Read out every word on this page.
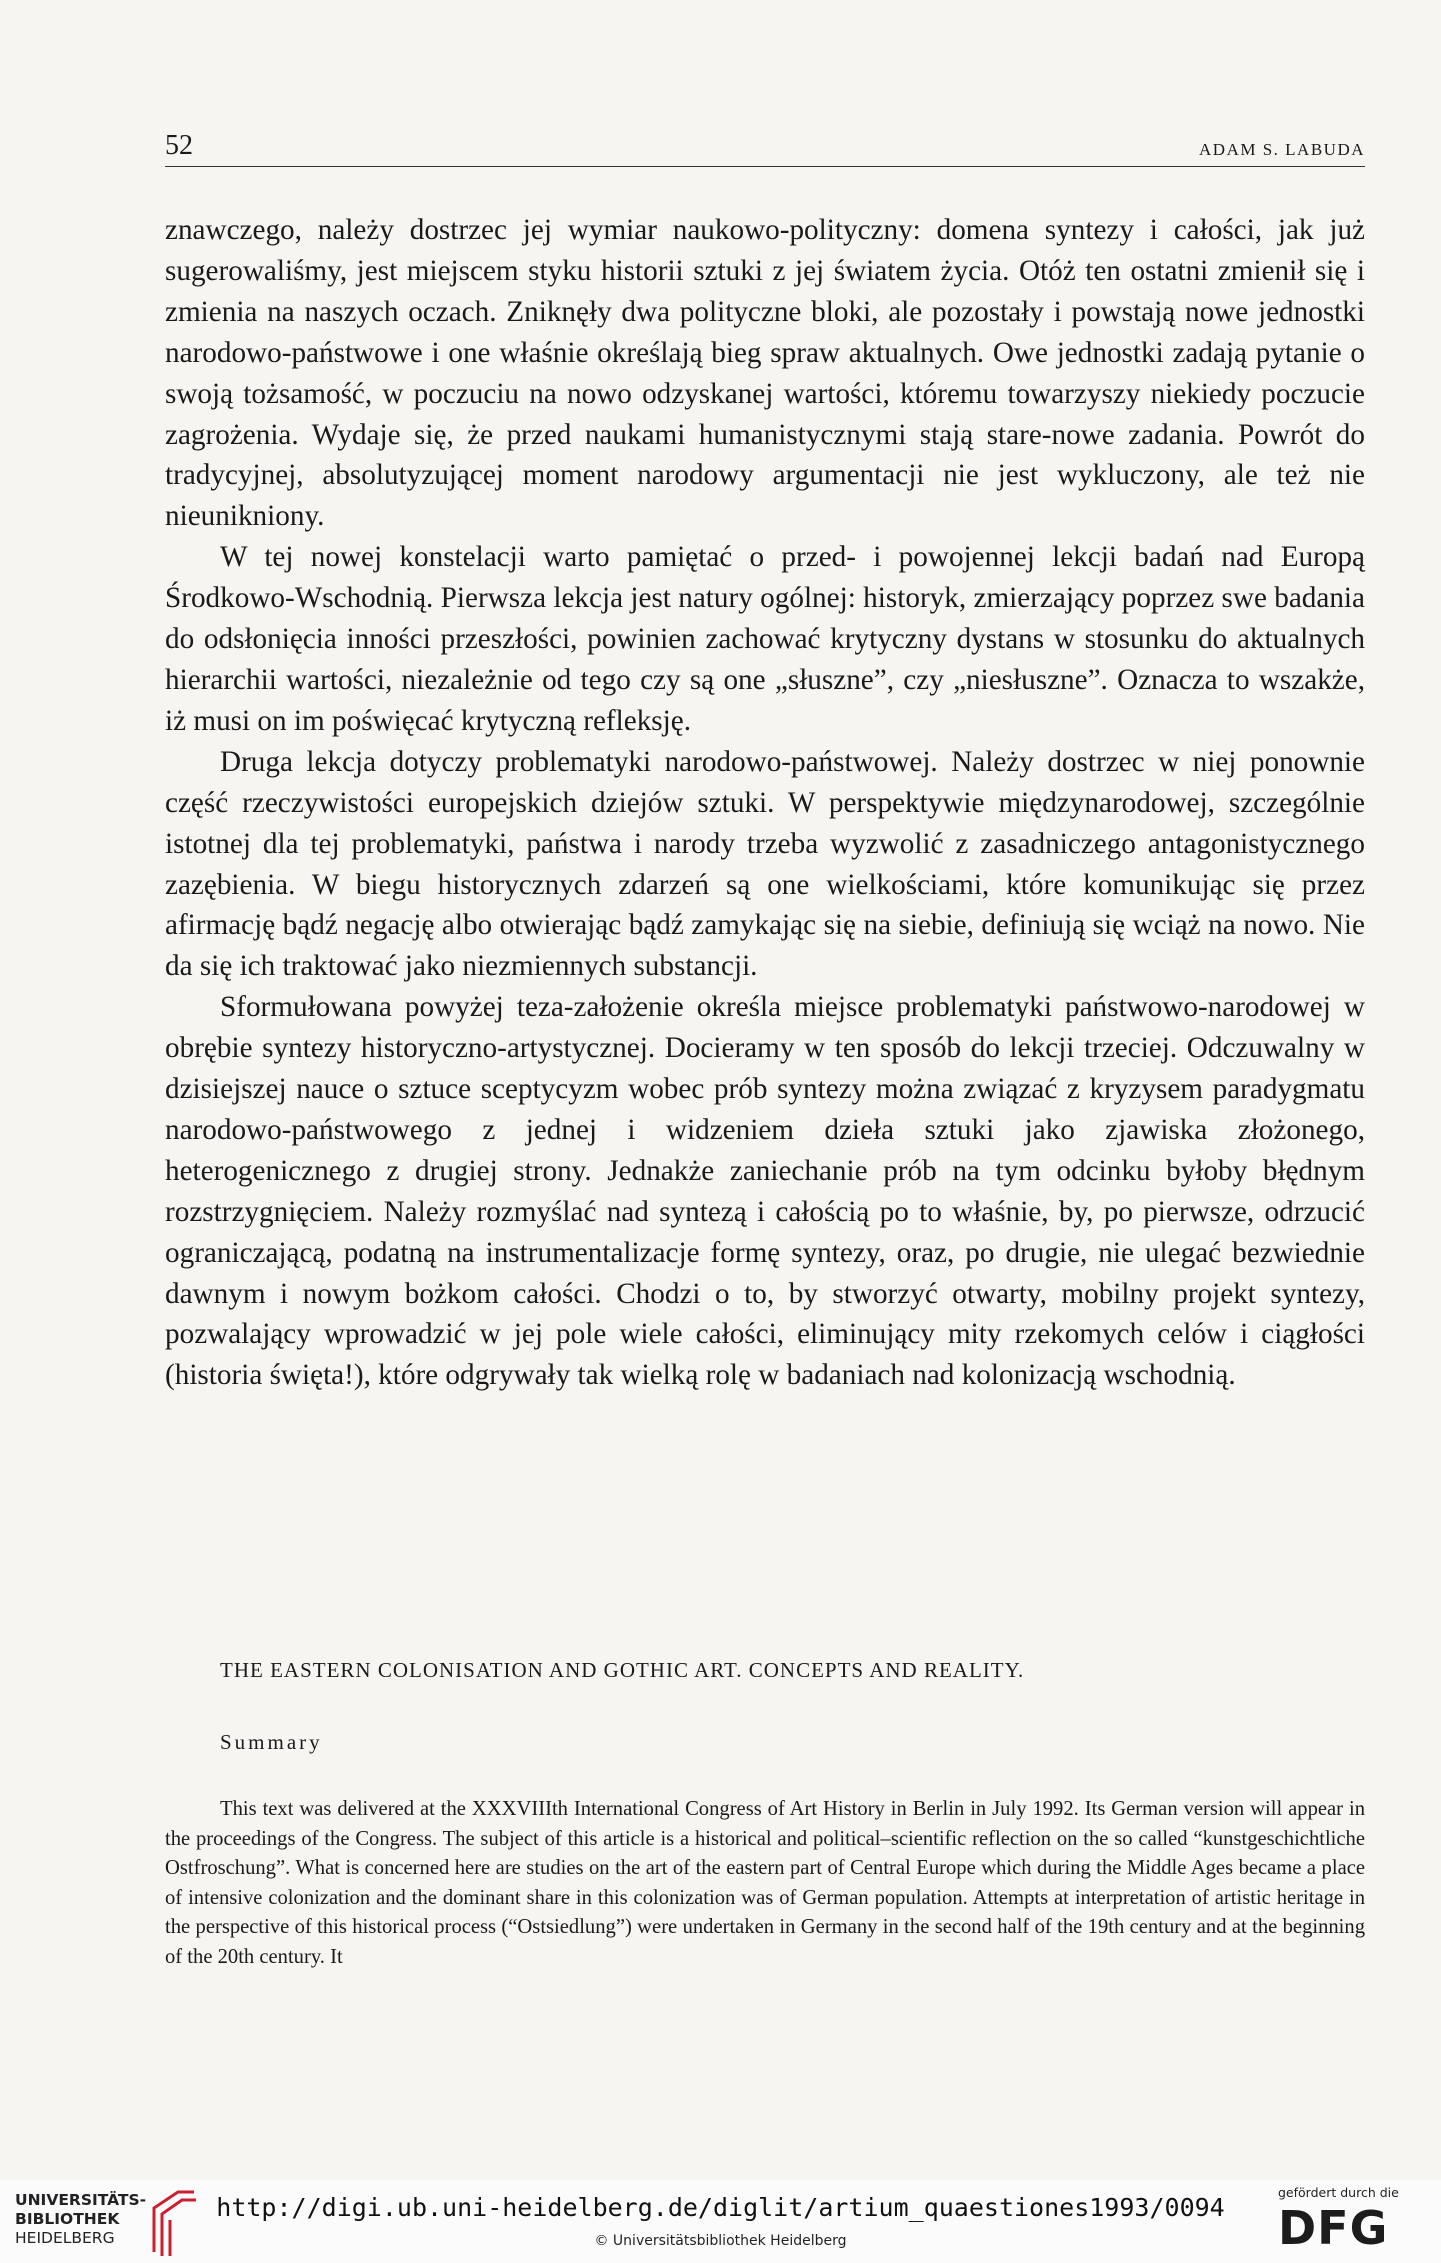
52	ADAM S. LABUDA

znawczego, należy dostrzec jej wymiar naukowo-polityczny: domena syntezy i całości, jak już sugerowaliśmy, jest miejscem styku historii sztuki z jej światem życia. Otóż ten ostatni zmienił się i zmienia na naszych oczach. Zniknęły dwa polityczne bloki, ale pozostały i powstają nowe jednostki narodowo-państwowe i one właśnie określają bieg spraw aktualnych. Owe jednostki zadają pytanie o swoją tożsamość, w poczuciu na nowo odzyskanej wartości, któremu towarzyszy niekiedy poczucie zagrożenia. Wydaje się, że przed naukami humanistycznymi stają stare-nowe zadania. Powrót do tradycyjnej, absolutyzującej moment narodowy argumentacji nie jest wykluczony, ale też nie nieunikniony.

W tej nowej konstelacji warto pamiętać o przed- i powojennej lekcji badań nad Europą Środkowo-Wschodnią. Pierwsza lekcja jest natury ogólnej: historyk, zmierzający poprzez swe badania do odsłonięcia inności przeszłości, powinien zachować krytyczny dystans w stosunku do aktualnych hierarchii wartości, niezależnie od tego czy są one „słuszne”, czy „niesłuszne”. Oznacza to wszakże, iż musi on im poświęcać krytyczną refleksję.

Druga lekcja dotyczy problematyki narodowo-państwowej. Należy dostrzec w niej ponownie część rzeczywistości europejskich dziejów sztuki. W perspektywie międzynarodowej, szczególnie istotnej dla tej problematyki, państwa i narody trzeba wyzwolić z zasadniczego antagonistycznego zazębienia. W biegu historycznych zdarzeń są one wielkościami, które komunikując się przez afirmację bądź negację albo otwierając bądź zamykając się na siebie, definiują się wciąż na nowo. Nie da się ich traktować jako niezmiennych substancji.

Sformułowana powyżej teza-założenie określa miejsce problematyki państwowo-narodowej w obrębie syntezy historyczno-artystycznej. Docieramy w ten sposób do lekcji trzeciej. Odczuwalny w dzisiejszej nauce o sztuce sceptycyzm wobec prób syntezy można związać z kryzysem paradygmatu narodowo-państwowego z jednej i widzeniem dzieła sztuki jako zjawiska złożonego, heterogenicznego z drugiej strony. Jednakże zaniechanie prób na tym odcinku byłoby błędnym rozstrzygnięciem. Należy rozmyślać nad syntezą i całością po to właśnie, by, po pierwsze, odrzucić ograniczającą, podatną na instrumentalizacje formę syntezy, oraz, po drugie, nie ulegać bezwiednie dawnym i nowym bożkom całości. Chodzi o to, by stworzyć otwarty, mobilny projekt syntezy, pozwalający wprowadzić w jej pole wiele całości, eliminujący mity rzekomych celów i ciągłości (historia święta!), które odgrywały tak wielką rolę w badaniach nad kolonizacją wschodnią.

THE EASTERN COLONISATION AND GOTHIC ART. CONCEPTS AND REALITY.
Summary

This text was delivered at the XXXVIIIth International Congress of Art History in Berlin in July 1992. Its German version will appear in the proceedings of the Congress. The subject of this article is a historical and political–scientific reflection on the so called “kunstgeschichtliche Ostfroschung”. What is concerned here are studies on the art of the eastern part of Central Europe which during the Middle Ages became a place of intensive colonization and the dominant share in this colonization was of German population. Attempts at interpretation of artistic heritage in the perspective of this historical process (“Ostsiedlung”) were undertaken in Germany in the second half of the 19th century and at the beginning of the 20th century. It

UNIVERSITÄTS-
BIBLIOTHEK
HEIDELBERG
http://digi.ub.uni-heidelberg.de/diglit/artium_quaestiones1993/0094
© Universitätsbibliothek Heidelberg
gefördert durch die
DFG
